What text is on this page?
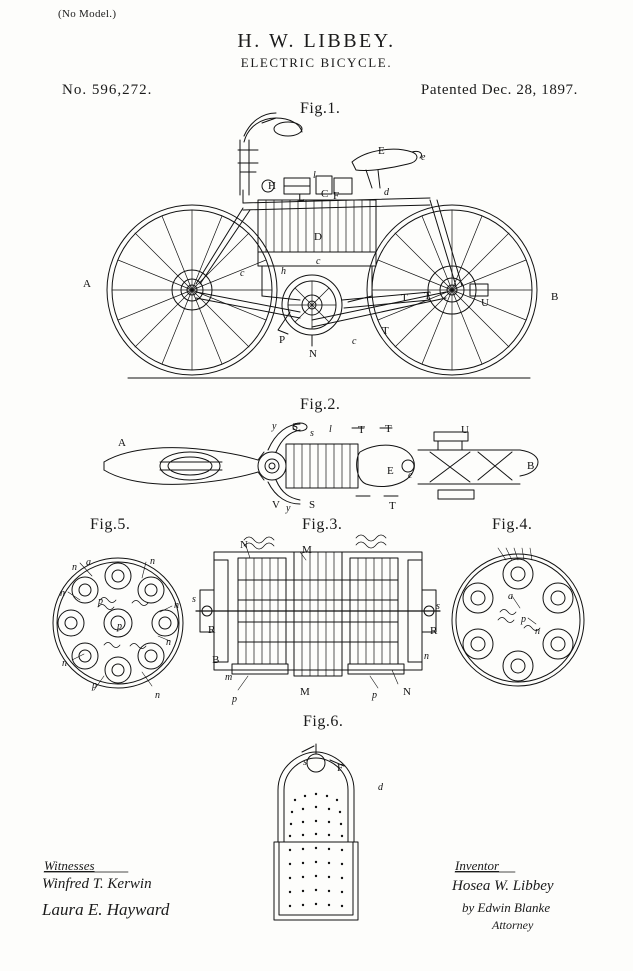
(No Model.)
H. W. LIBBEY.
ELECTRIC BICYCLE.
No. 596,272.	Patented Dec. 28, 1897.
Fig.1.
Fig.2.
Fig.5.	Fig.3.	Fig.4.
Fig.6.
A
B
c
c
c
D
E
e
F	d
H
l
L C
N
P
T
T T
U
h
A
B
E e
l
s
S	T T	U
y
V y S	T
n a	n
n
p
p
n
n
n
n
p
N	M
s
s
R
B
m
p
M	p N
n
R
a
p
n
s	F
d
Witnesses
Winfred T. Kerwin
Laura E. Hayward
Inventor
Hosea W. Libbey
by Edwin Blanke
Attorney
